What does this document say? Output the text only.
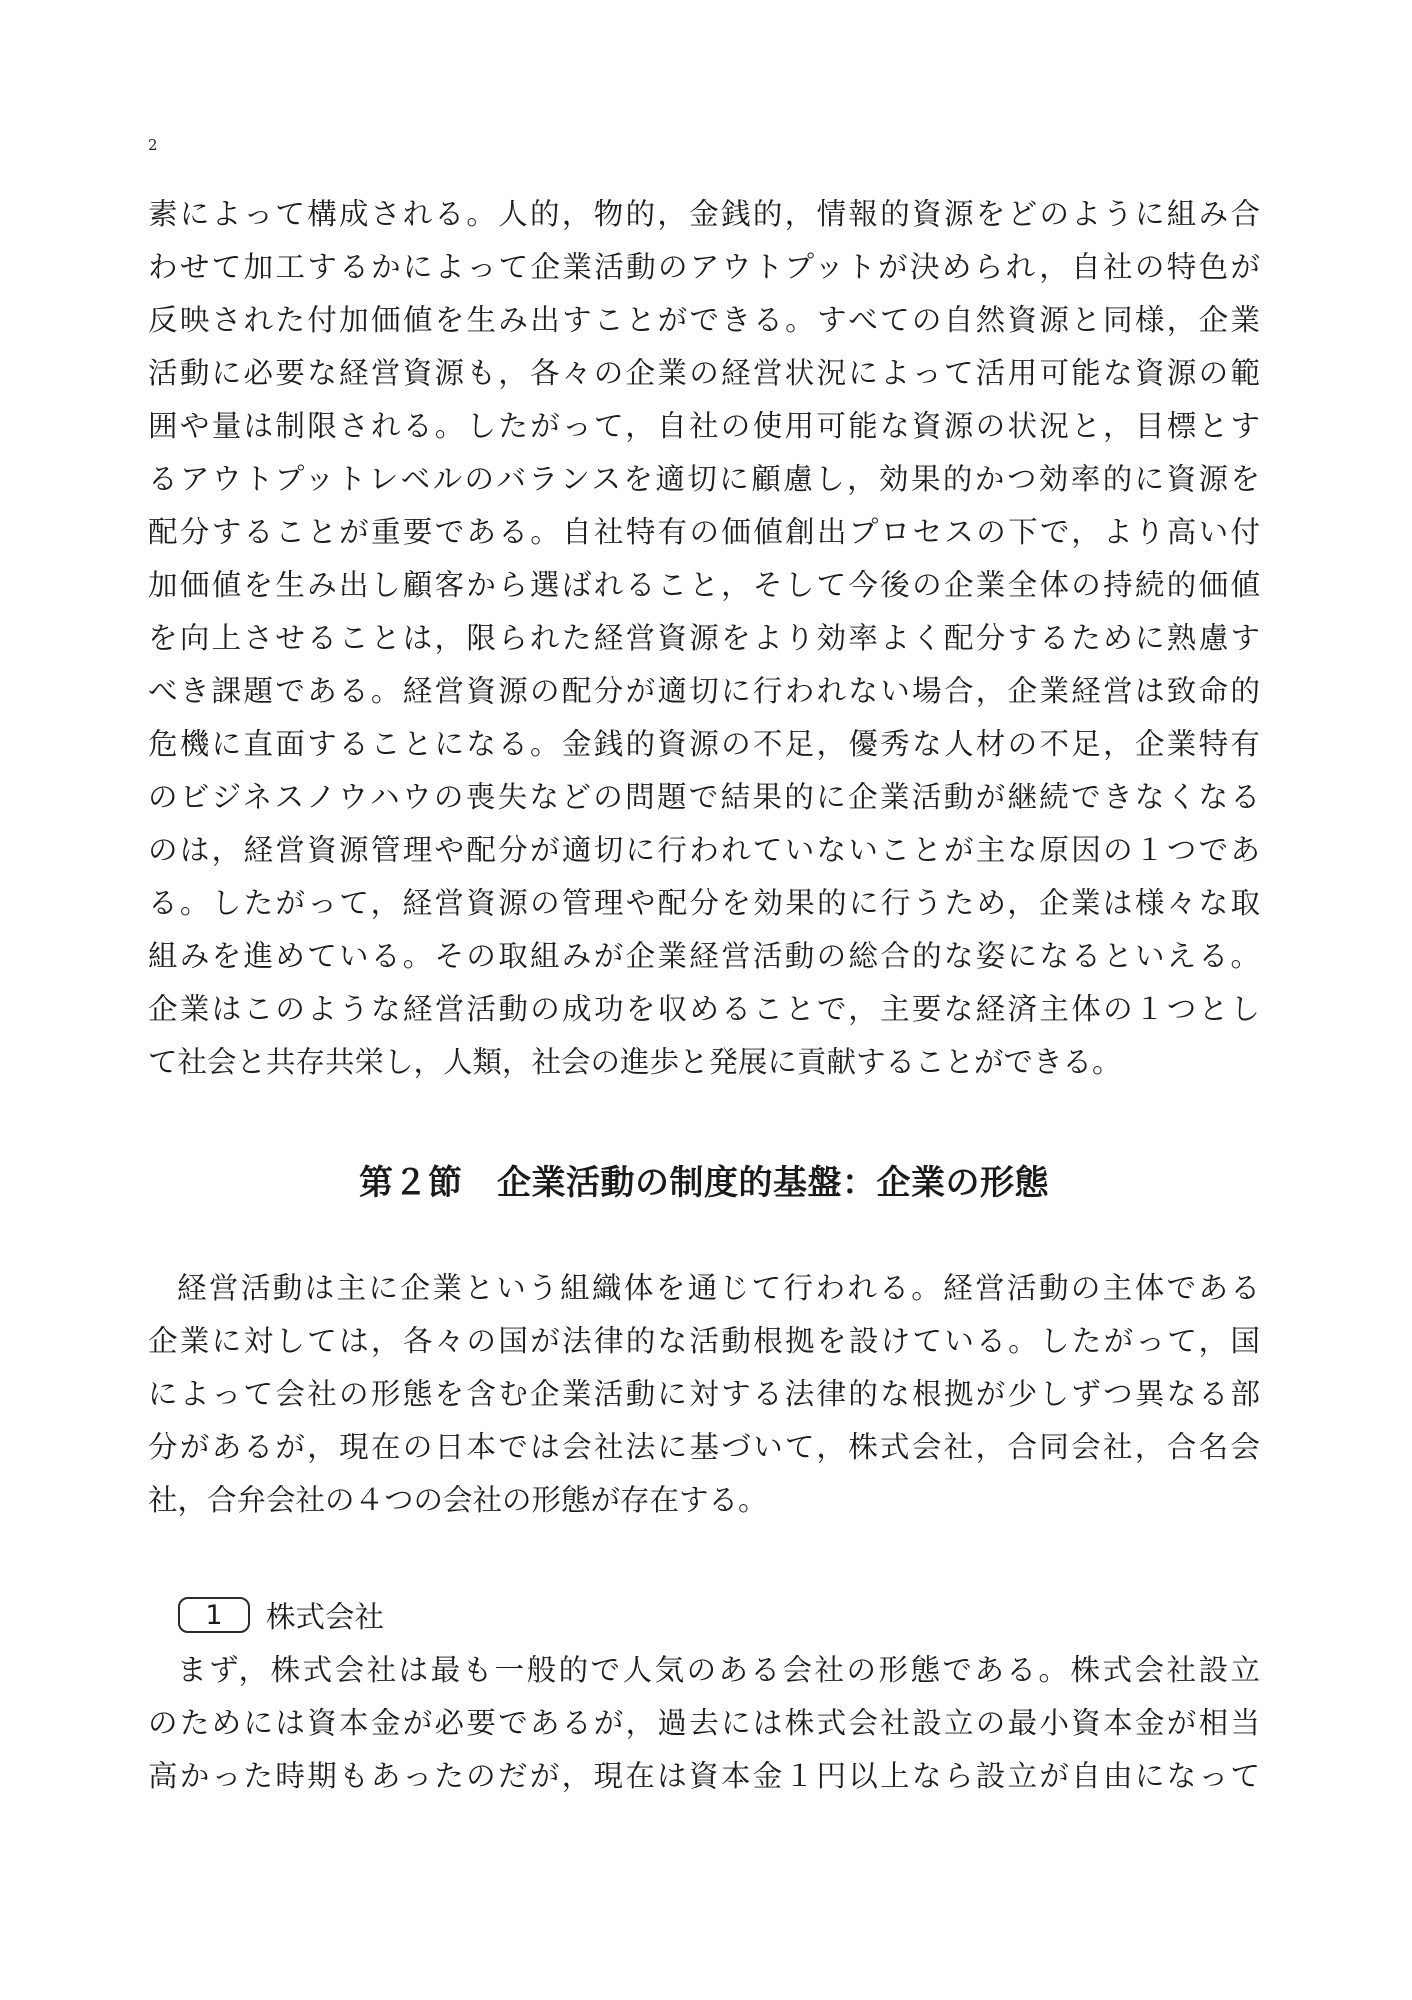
2
素によって構成される。人的，物的，金銭的，情報的資源をどのように組み合
わせて加工するかによって企業活動のアウトプットが決められ，自社の特色が
反映された付加価値を生み出すことができる。すべての自然資源と同様，企業
活動に必要な経営資源も，各々の企業の経営状況によって活用可能な資源の範
囲や量は制限される。したがって，自社の使用可能な資源の状況と，目標とす
るアウトプットレベルのバランスを適切に顧慮し，効果的かつ効率的に資源を
配分することが重要である。自社特有の価値創出プロセスの下で，より高い付
加価値を生み出し顧客から選ばれること，そして今後の企業全体の持続的価値
を向上させることは，限られた経営資源をより効率よく配分するために熟慮す
べき課題である。経営資源の配分が適切に行われない場合，企業経営は致命的
危機に直面することになる。金銭的資源の不足，優秀な人材の不足，企業特有
のビジネスノウハウの喪失などの問題で結果的に企業活動が継続できなくなる
のは，経営資源管理や配分が適切に行われていないことが主な原因の１つであ
る。したがって，経営資源の管理や配分を効果的に行うため，企業は様々な取
組みを進めている。その取組みが企業経営活動の総合的な姿になるといえる。
企業はこのような経営活動の成功を収めることで，主要な経済主体の１つとし
て社会と共存共栄し，人類，社会の進歩と発展に貢献することができる。
第２節　企業活動の制度的基盤：企業の形態
経営活動は主に企業という組織体を通じて行われる。経営活動の主体である
企業に対しては，各々の国が法律的な活動根拠を設けている。したがって，国
によって会社の形態を含む企業活動に対する法律的な根拠が少しずつ異なる部
分があるが，現在の日本では会社法に基づいて，株式会社，合同会社，合名会
社，合弁会社の４つの会社の形態が存在する。
1	株式会社
まず，株式会社は最も一般的で人気のある会社の形態である。株式会社設立
のためには資本金が必要であるが，過去には株式会社設立の最小資本金が相当
高かった時期もあったのだが，現在は資本金１円以上なら設立が自由になって
